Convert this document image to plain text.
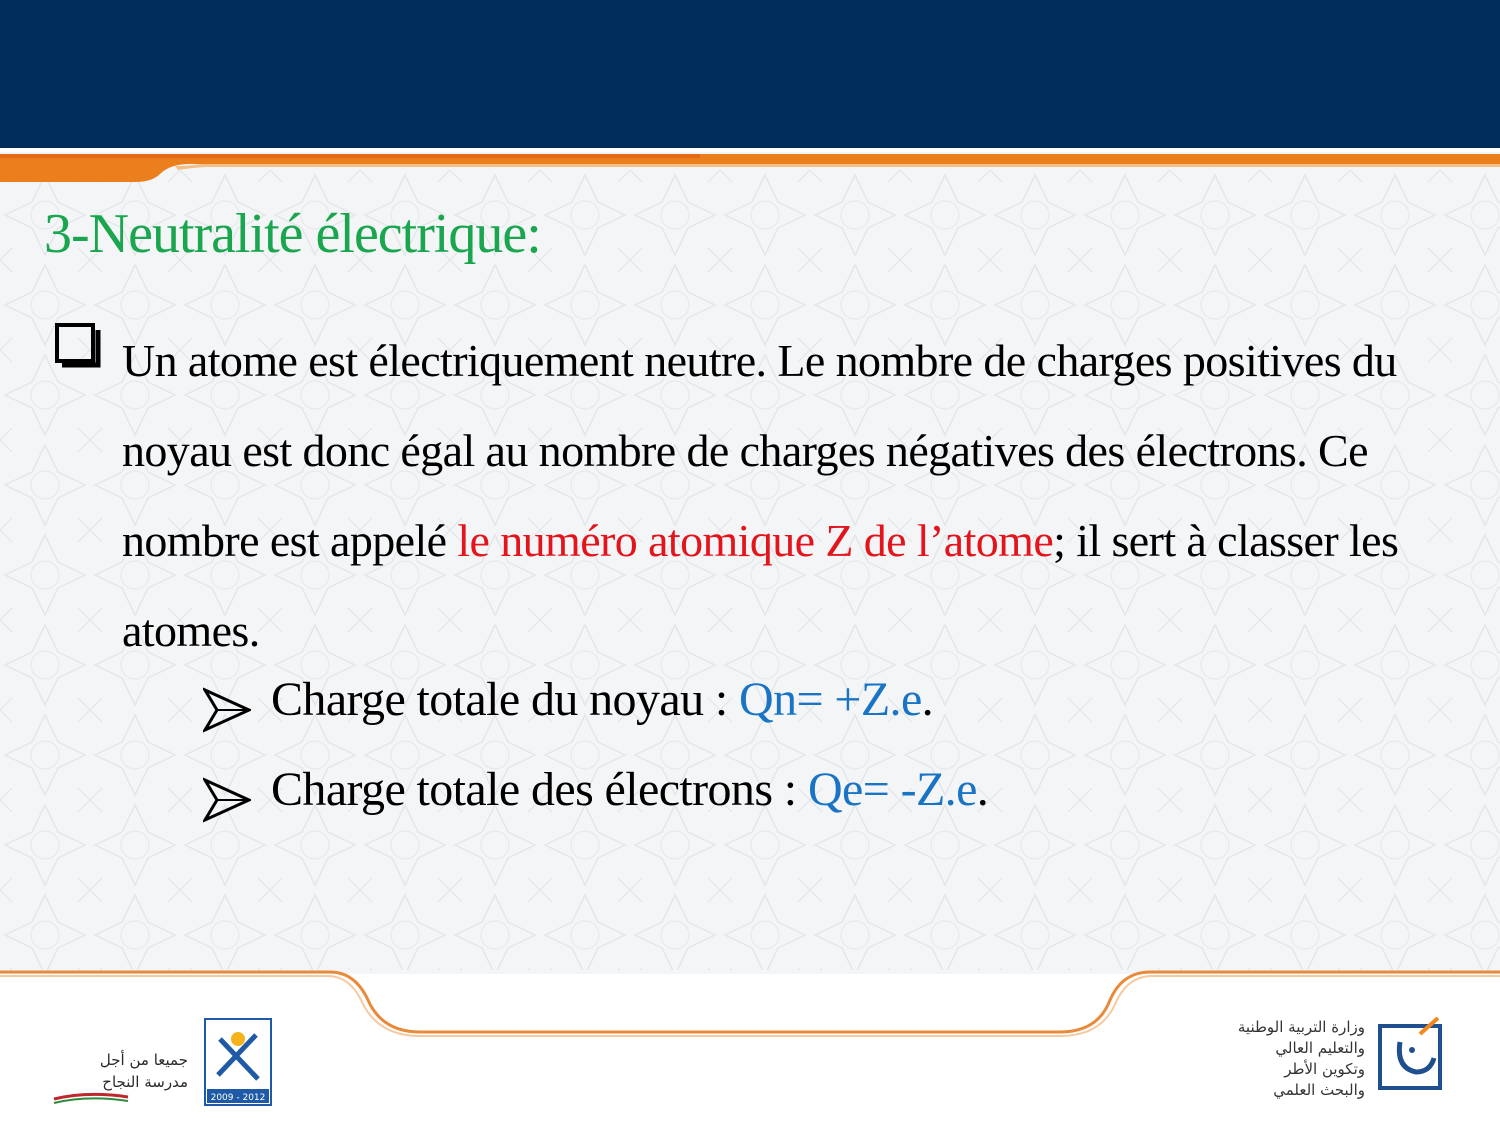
3-Neutralité électrique:
Un atome est électriquement neutre. Le nombre de charges positives du noyau est donc égal au nombre de charges négatives des électrons. Ce nombre est appelé le numéro atomique Z de l’atome; il sert à classer les atomes.
Charge totale du noyau : Qn= +Z.e.
Charge totale des électrons : Qe= -Z.e.
جميعا من أجل
مدرسة النجاح
2009 - 2012
وزارة التربية الوطنية
والتعليم العالي
وتكوين الأطر
والبحث العلمي
